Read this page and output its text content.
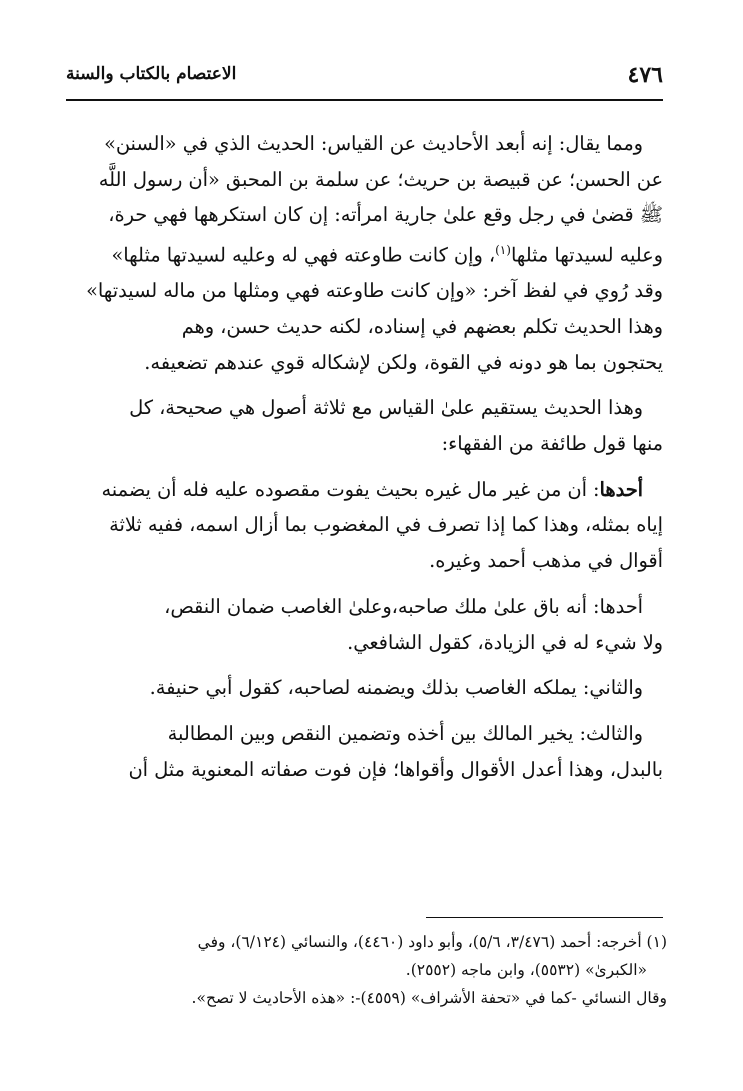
٤٧٦
الاعتصام بالكتاب والسنة

ومما يقال: إنه أبعد الأحاديث عن القياس: الحديث الذي في «السنن»
عن الحسن؛ عن قبيصة بن حريث؛ عن سلمة بن المحبق «أن رسول اللَّه
ﷺ قضىٰ في رجل وقع علىٰ جارية امرأته: إن كان استكرهها فهي حرة،
وعليه لسيدتها مثلها$^{(١)}$، وإن كانت طاوعته فهي له وعليه لسيدتها مثلها»
وقد رُوي في لفظ آخر: «وإن كانت طاوعته فهي ومثلها من ماله لسيدتها»
وهذا الحديث تكلم بعضهم في إسناده، لكنه حديث حسن، وهم
يحتجون بما هو دونه في القوة، ولكن لإشكاله قوي عندهم تضعيفه.

وهذا الحديث يستقيم علىٰ القياس مع ثلاثة أصول هي صحيحة، كل
منها قول طائفة من الفقهاء:

أحدها: أن من غير مال غيره بحيث يفوت مقصوده عليه فله أن يضمنه
إياه بمثله، وهذا كما إذا تصرف في المغضوب بما أزال اسمه، ففيه ثلاثة
أقوال في مذهب أحمد وغيره.

أحدها: أنه باق علىٰ ملك صاحبه،وعلىٰ الغاصب ضمان النقص،
ولا شيء له في الزيادة، كقول الشافعي.

والثاني: يملكه الغاصب بذلك ويضمنه لصاحبه، كقول أبي حنيفة.

والثالث: يخير المالك بين أخذه وتضمين النقص وبين المطالبة
بالبدل، وهذا أعدل الأقوال وأقواها؛ فإن فوت صفاته المعنوية مثل أن

(١) أخرجه: أحمد (٣/٤٧٦، ٥/٦)، وأبو داود (٤٤٦٠)، والنسائي (٦/١٢٤)، وفي
«الكبرىٰ» (٥٥٣٢)، وابن ماجه (٢٥٥٢).
وقال النسائي -كما في «تحفة الأشراف» (٤٥٥٩)-: «هذه الأحاديث لا تصح».
